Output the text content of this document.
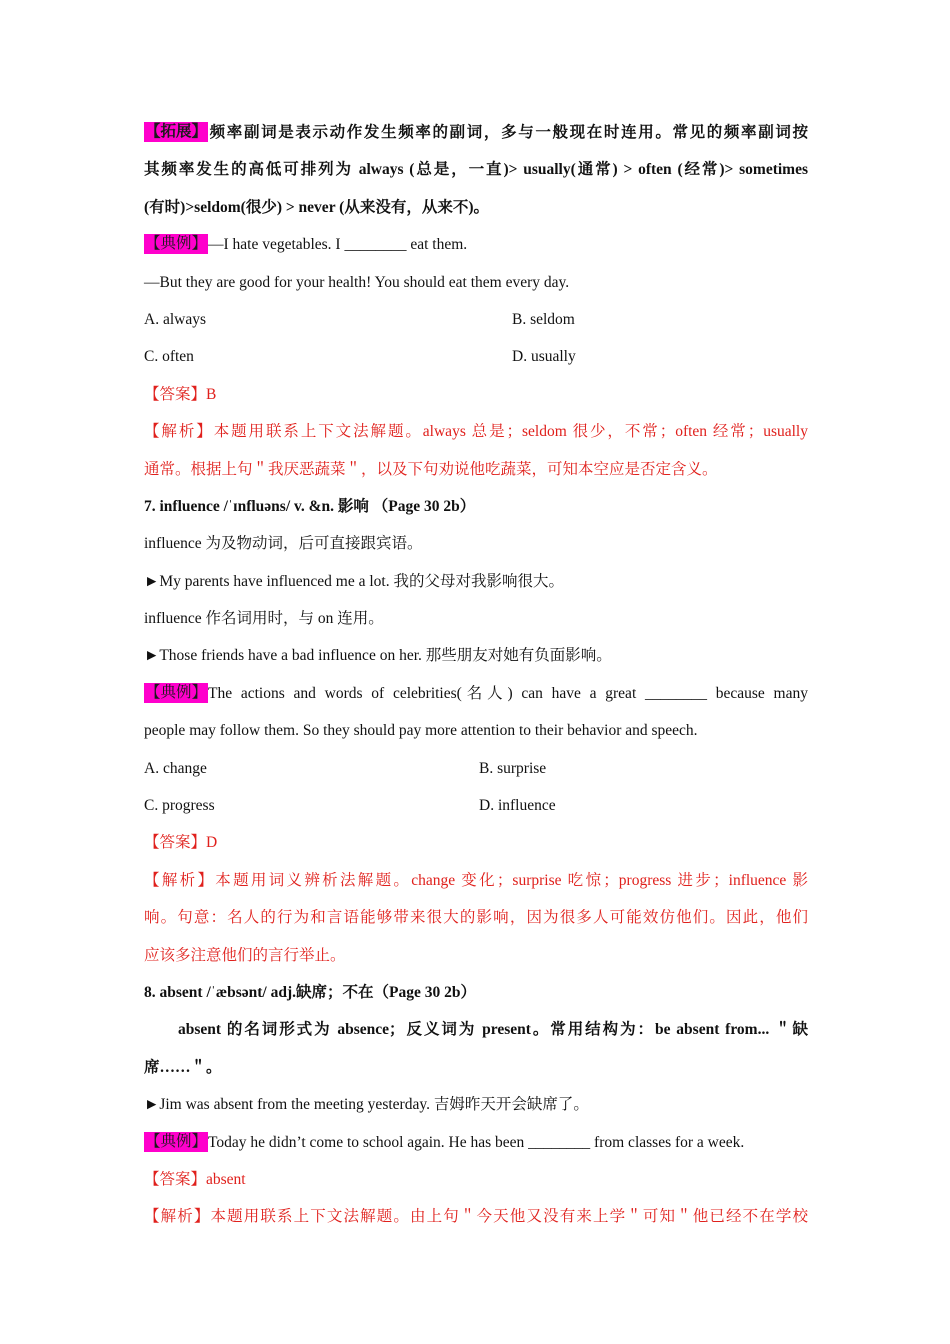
【拓展】频率副词是表示动作发生频率的副词，多与一般现在时连用。常见的频率副词按
其频率发生的高低可排列为 always (总是，一直)> usually(通常) > often (经常)> sometimes
(有时)>seldom(很少) > never (从来没有，从来不)。
【典例】—I hate vegetables. I ________ eat them.
—But they are good for your health! You should eat them every day.
A. always	B. seldom
C. often	D. usually
【答案】B
【解析】本题用联系上下文法解题。always 总是；seldom 很少，不常；often 经常；usually
通常。根据上句＂我厌恶蔬菜＂，以及下句劝说他吃蔬菜，可知本空应是否定含义。
7. influence /ˈɪnfluəns/ v. &n. 影响 （Page 30 2b）
influence 为及物动词，后可直接跟宾语。
►My parents have influenced me a lot. 我的父母对我影响很大。
influence 作名词用时，与 on 连用。
►Those friends have a bad influence on her. 那些朋友对她有负面影响。
【典例】The actions and words of celebrities(名人) can have a great ________ because many
people may follow them. So they should pay more attention to their behavior and speech.
A. change	B. surprise
C. progress	D. influence
【答案】D
【解析】本题用词义辨析法解题。change 变化；surprise 吃惊；progress 进步；influence 影
响。句意：名人的行为和言语能够带来很大的影响，因为很多人可能效仿他们。因此，他们
应该多注意他们的言行举止。
8. absent /ˈæbsənt/ adj.缺席；不在（Page 30 2b）
absent 的名词形式为 absence；反义词为 present。常用结构为：be absent from... ＂缺
席……＂。
►Jim was absent from the meeting yesterday. 吉姆昨天开会缺席了。
【典例】Today he didn’t come to school again. He has been ________ from classes for a week.
【答案】absent
【解析】本题用联系上下文法解题。由上句＂今天他又没有来上学＂可知＂他已经不在学校
